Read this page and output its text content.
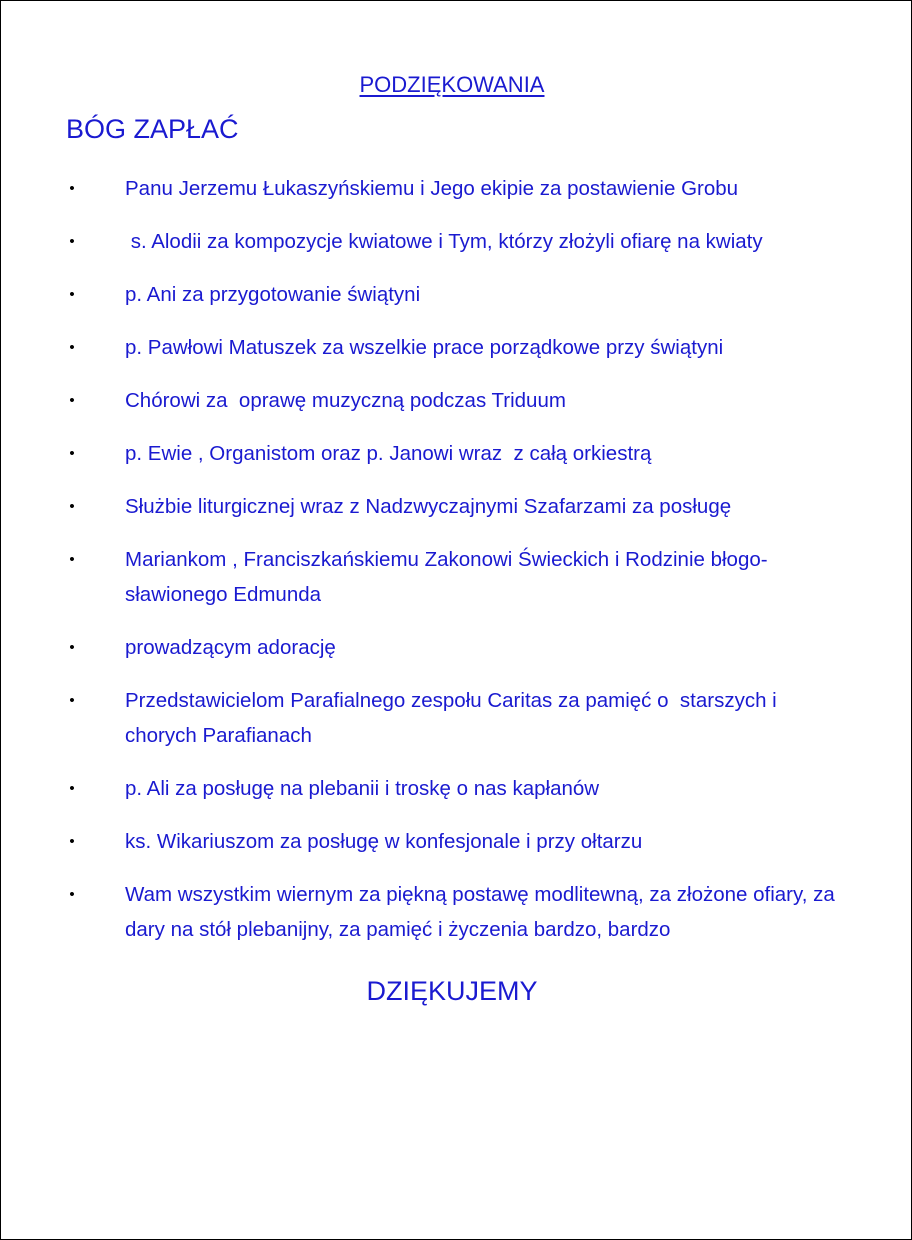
PODZIĘKOWANIA
BÓG ZAPŁAĆ
• Panu Jerzemu Łukaszyńskiemu i Jego ekipie za postawienie Grobu
• s. Alodii za kompozycje kwiatowe i Tym, którzy złożyli ofiarę na kwiaty
• p. Ani za przygotowanie świątyni
• p. Pawłowi Matuszek za wszelkie prace porządkowe przy świątyni
• Chórowi za  oprawę muzyczną podczas Triduum
• p. Ewie , Organistom oraz p. Janowi wraz  z całą orkiestrą
• Służbie liturgicznej wraz z Nadzwyczajnymi Szafarzami za posługę
• Mariankom , Franciszkańskiemu Zakonowi Świeckich i Rodzinie błogo-sławionego Edmunda
• prowadzącym adorację
• Przedstawicielom Parafialnego zespołu Caritas za pamięć o  starszych i chorych Parafianach
• p. Ali za posługę na plebanii i troskę o nas kapłanów
• ks. Wikariuszom za posługę w konfesjonale i przy ołtarzu
• Wam wszystkim wiernym za piękną postawę modlitewną, za złożone ofiary, za dary na stół plebanijny, za pamięć i życzenia bardzo, bardzo
DZIĘKUJEMY
